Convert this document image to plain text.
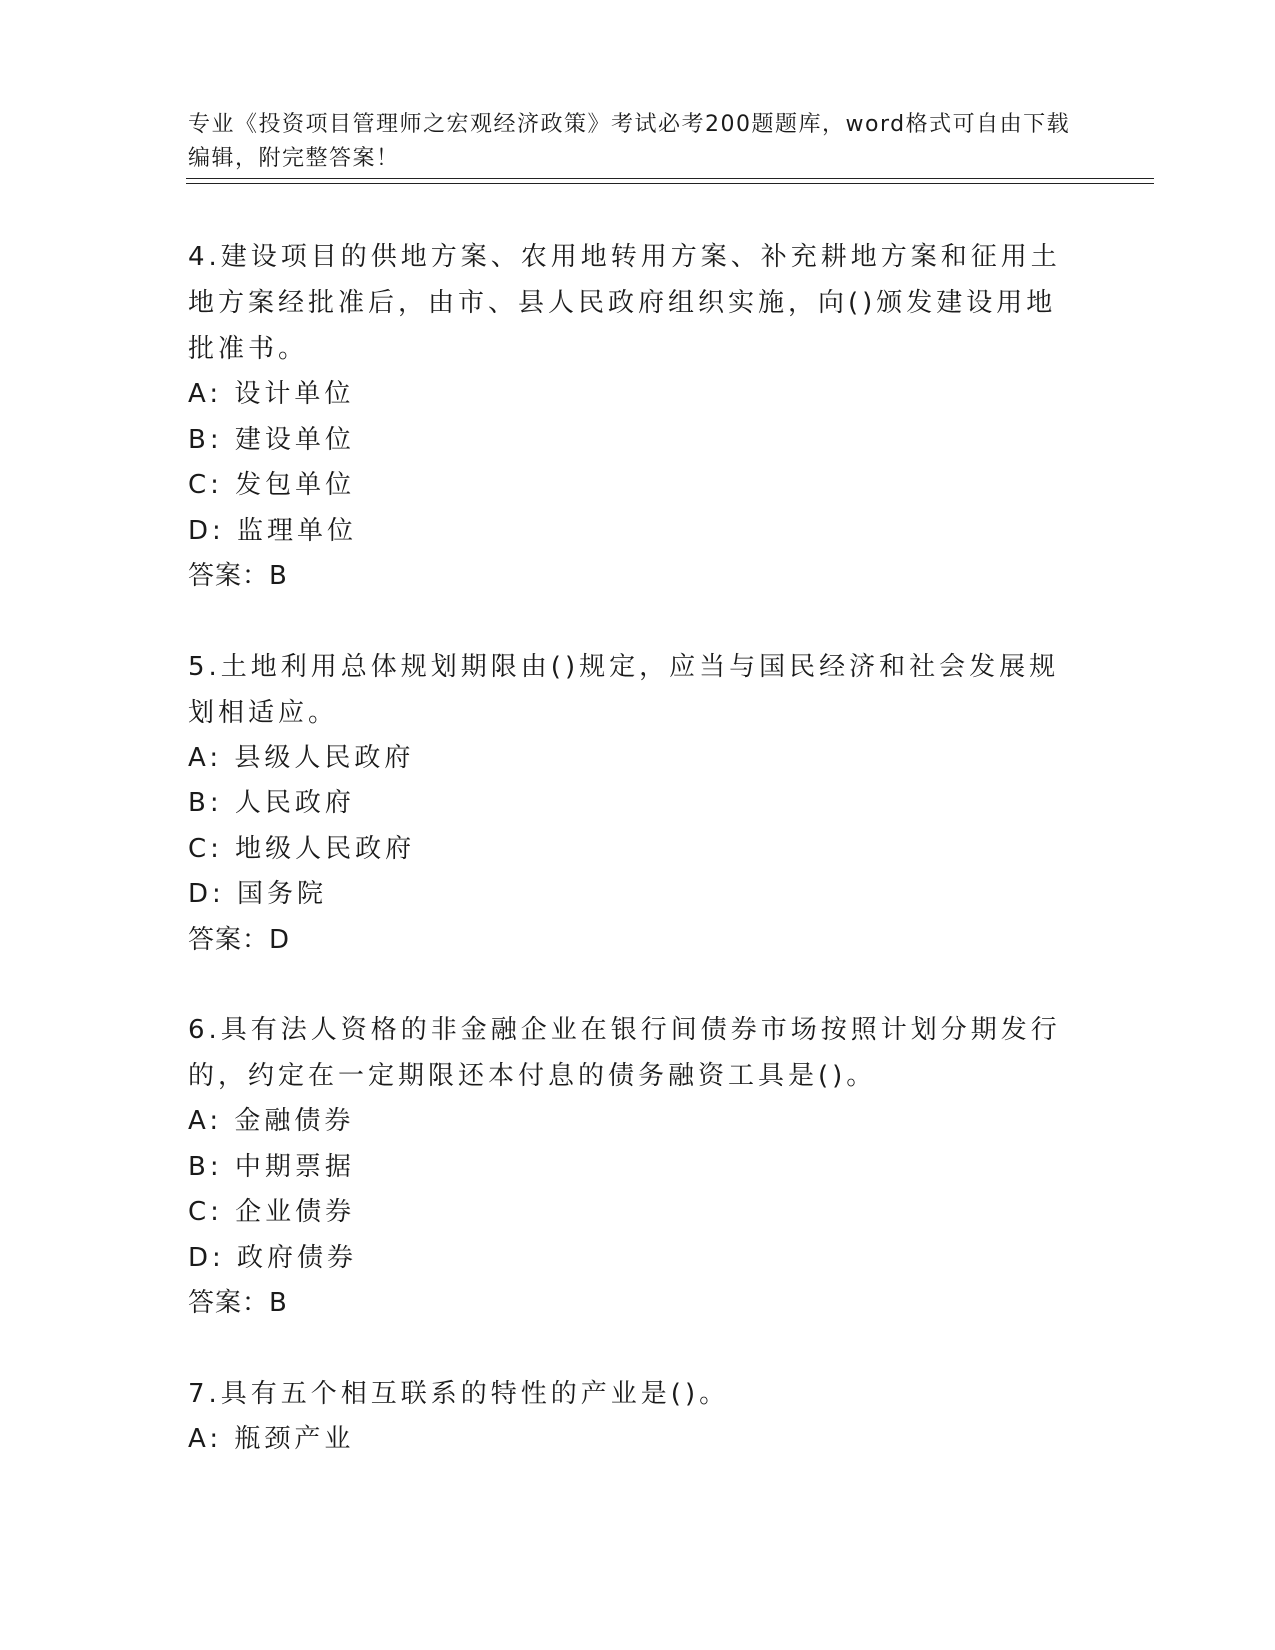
专业《投资项目管理师之宏观经济政策》考试必考200题题库，word格式可自由下载编辑，附完整答案！

4.建设项目的供地方案、农用地转用方案、补充耕地方案和征用土地方案经批准后，由市、县人民政府组织实施，向()颁发建设用地批准书。

A: 设计单位
B: 建设单位
C: 发包单位
D: 监理单位
答案：B

5.土地利用总体规划期限由()规定，应当与国民经济和社会发展规划相适应。

A: 县级人民政府
B: 人民政府
C: 地级人民政府
D: 国务院
答案：D

6.具有法人资格的非金融企业在银行间债券市场按照计划分期发行的，约定在一定期限还本付息的债务融资工具是()。

A: 金融债券
B: 中期票据
C: 企业债券
D: 政府债券
答案：B

7.具有五个相互联系的特性的产业是()。

A: 瓶颈产业
